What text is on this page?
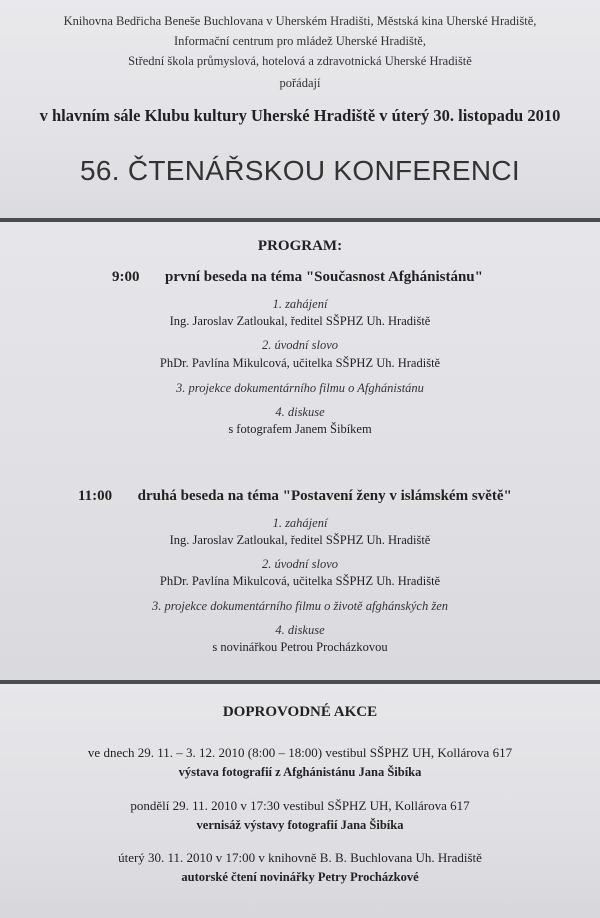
Knihovna Bedřicha Beneše Buchlovana v Uherském Hradišti, Městská kina Uherské Hradiště,
Informační centrum pro mládež Uherské Hradiště,
Střední škola průmyslová, hotelová a zdravotnická Uherské Hradiště
pořádají
v hlavním sále Klubu kultury Uherské Hradiště v úterý 30. listopadu 2010
56. ČTENÁŘSKOU KONFERENCI
PROGRAM:
9:00 první beseda na téma "Současnost Afghánistánu"
1. zahájení
Ing. Jaroslav Zatloukal, ředitel SŠPHZ Uh. Hradiště
2. úvodní slovo
PhDr. Pavlína Mikulcová, učitelka SŠPHZ Uh. Hradiště
3. projekce dokumentárního filmu o Afghánistánu
4. diskuse
s fotografem Janem Šibíkem
11:00 druhá beseda na téma "Postavení ženy v islámském světě"
1. zahájení
Ing. Jaroslav Zatloukal, ředitel SŠPHZ Uh. Hradiště
2. úvodní slovo
PhDr. Pavlína Mikulcová, učitelka SŠPHZ Uh. Hradiště
3. projekce dokumentárního filmu o životě afghánských žen
4. diskuse
s novinářkou Petrou Procházkovou
DOPROVODNÉ AKCE
ve dnech 29. 11. – 3. 12. 2010 (8:00 – 18:00) vestibul SŠPHZ UH, Kollárova 617
výstava fotografií z Afghánistánu Jana Šibíka
pondělí 29. 11. 2010 v 17:30 vestibul SŠPHZ UH, Kollárova 617
vernisáž výstavy fotografií Jana Šibíka
úterý 30. 11. 2010 v 17:00 v knihovně B. B. Buchlovana Uh. Hradiště
autorské čtení novinářky Petry Procházkové
